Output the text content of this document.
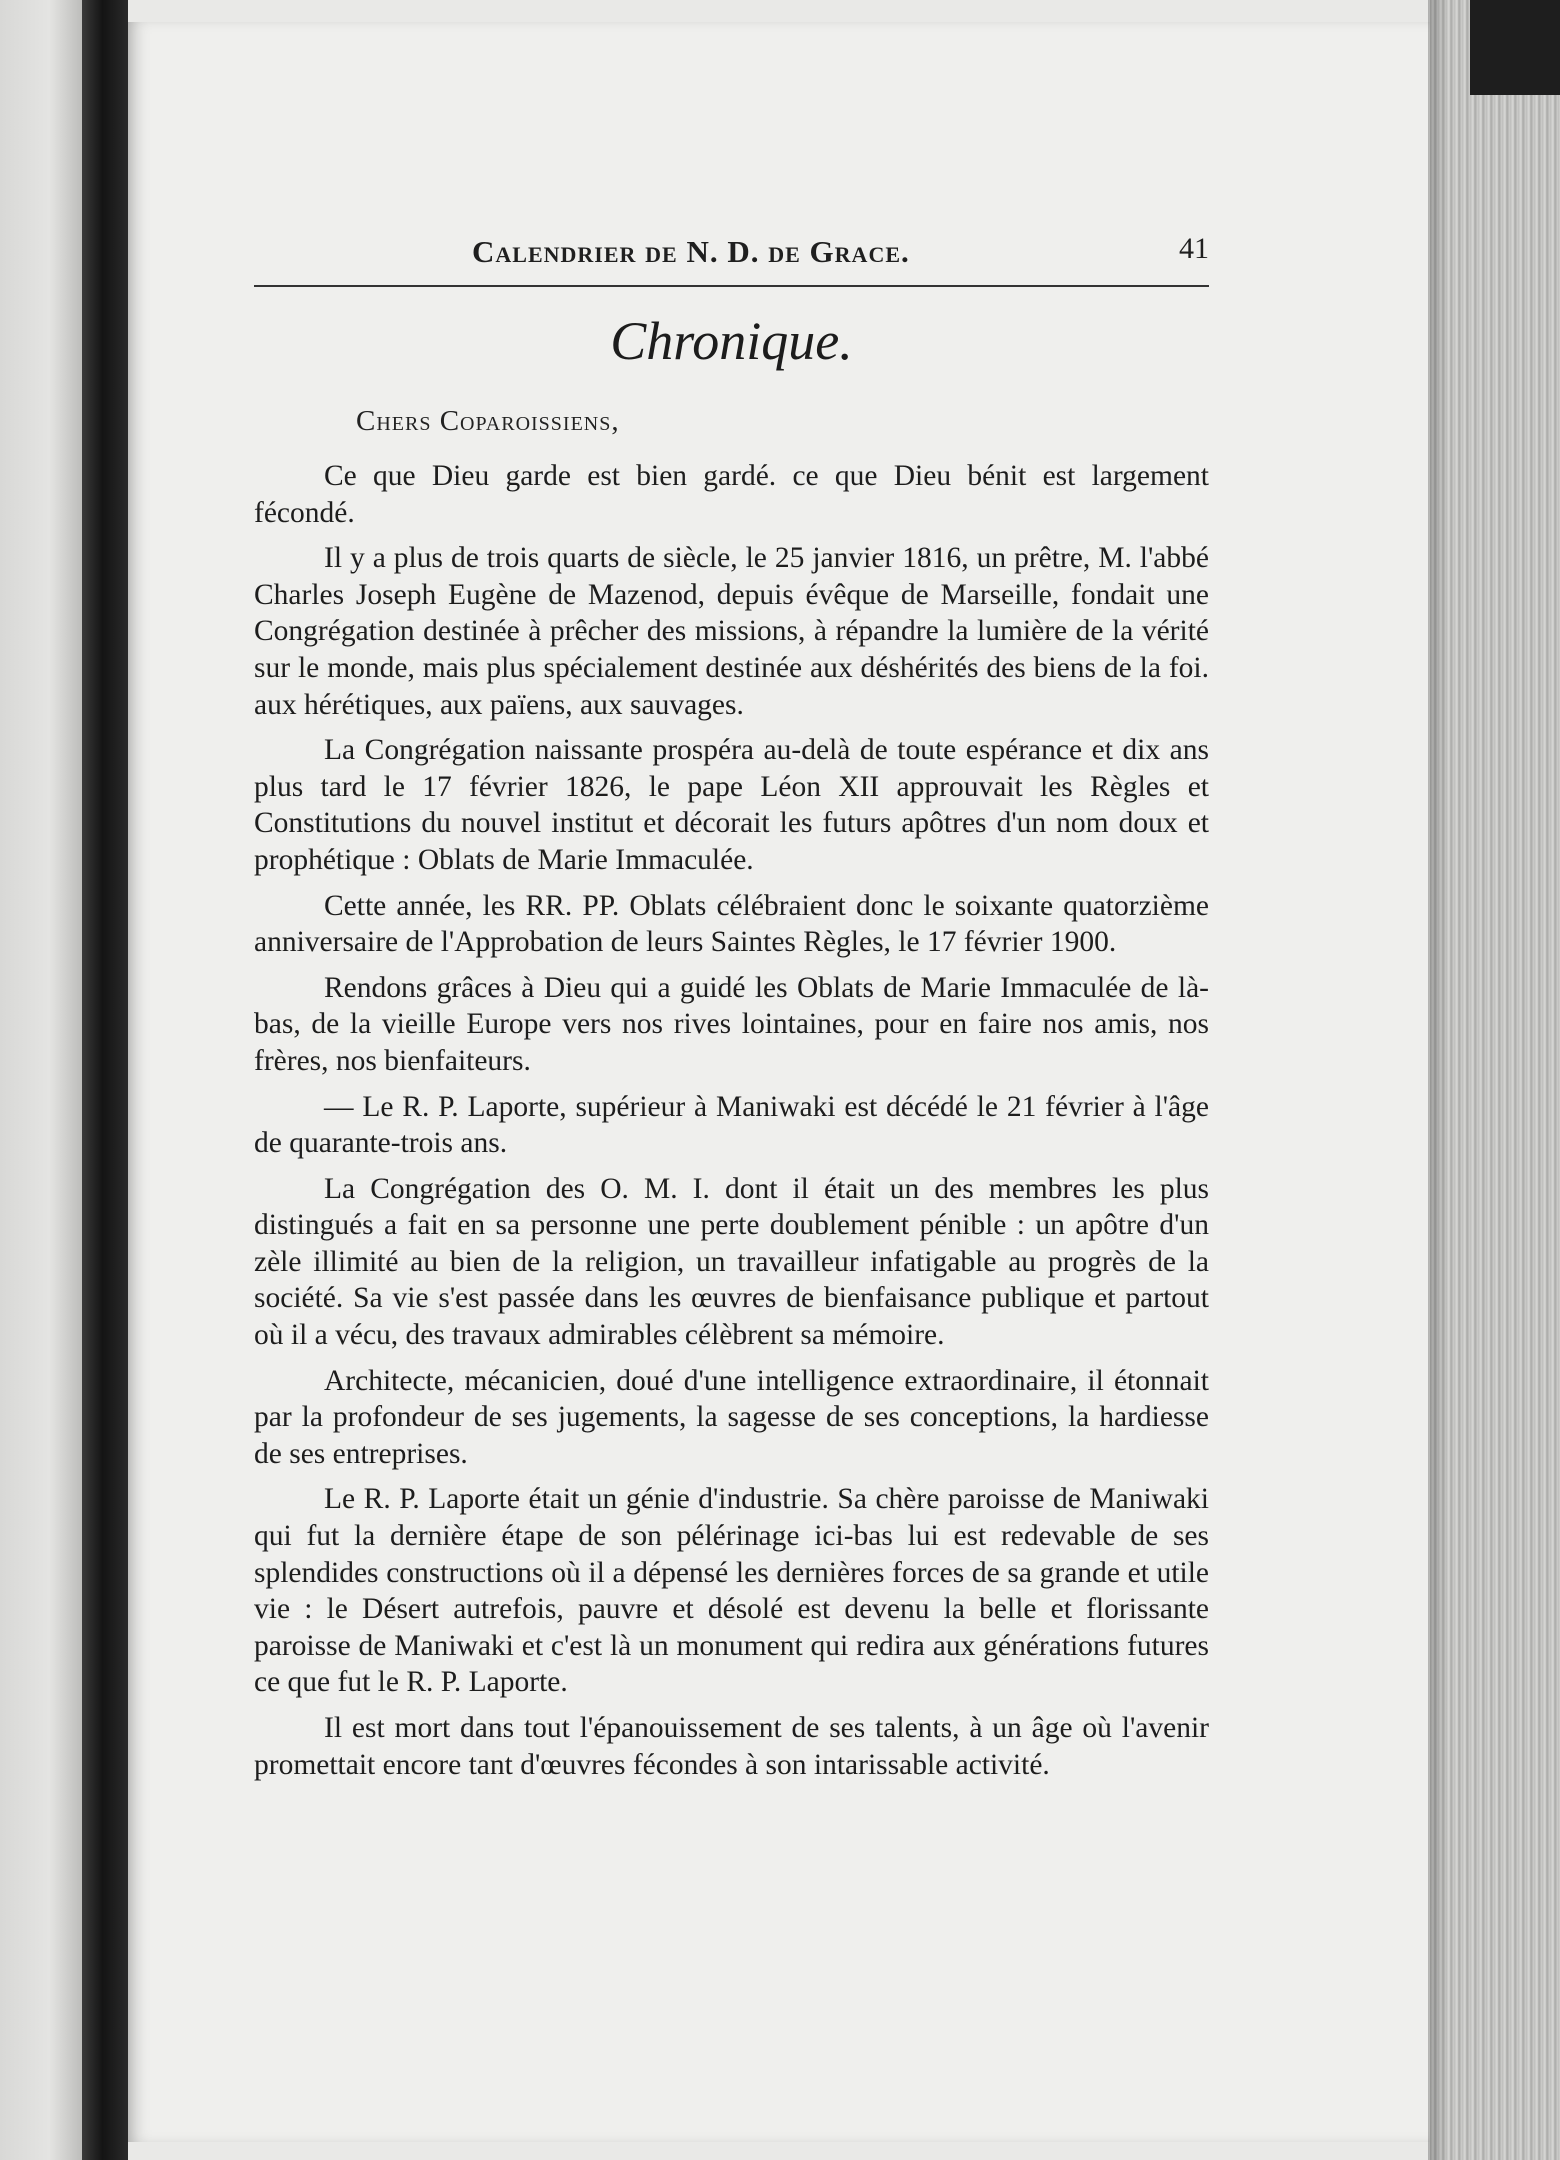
Calendrier de N. D. de Grace.	41
Chronique.
Chers Coparoissiens,

Ce que Dieu garde est bien gardé. ce que Dieu bénit est largement fécondé.

Il y a plus de trois quarts de siècle, le 25 janvier 1816, un prêtre, M. l'abbé Charles Joseph Eugène de Mazenod, depuis évêque de Marseille, fondait une Congrégation destinée à prêcher des missions, à répandre la lumière de la vérité sur le monde, mais plus spécialement destinée aux déshérités des biens de la foi. aux hérétiques, aux païens, aux sauvages.

La Congrégation naissante prospéra au-delà de toute espérance et dix ans plus tard le 17 février 1826, le pape Léon XII approuvait les Règles et Constitutions du nouvel institut et décorait les futurs apôtres d'un nom doux et prophétique : Oblats de Marie Immaculée.

Cette année, les RR. PP. Oblats célébraient donc le soixante quatorzième anniversaire de l'Approbation de leurs Saintes Règles, le 17 février 1900.

Rendons grâces à Dieu qui a guidé les Oblats de Marie Immaculée de là-bas, de la vieille Europe vers nos rives lointaines, pour en faire nos amis, nos frères, nos bienfaiteurs.

— Le R. P. Laporte, supérieur à Maniwaki est décédé le 21 février à l'âge de quarante-trois ans.

La Congrégation des O. M. I. dont il était un des membres les plus distingués a fait en sa personne une perte doublement pénible : un apôtre d'un zèle illimité au bien de la religion, un travailleur infatigable au progrès de la société. Sa vie s'est passée dans les œuvres de bienfaisance publique et partout où il a vécu, des travaux admirables célèbrent sa mémoire.

Architecte, mécanicien, doué d'une intelligence extraordinaire, il étonnait par la profondeur de ses jugements, la sagesse de ses conceptions, la hardiesse de ses entreprises.

Le R. P. Laporte était un génie d'industrie. Sa chère paroisse de Maniwaki qui fut la dernière étape de son pélérinage ici-bas lui est redevable de ses splendides constructions où il a dépensé les dernières forces de sa grande et utile vie : le Désert autrefois, pauvre et désolé est devenu la belle et florissante paroisse de Maniwaki et c'est là un monument qui redira aux générations futures ce que fut le R. P. Laporte.

Il est mort dans tout l'épanouissement de ses talents, à un âge où l'avenir promettait encore tant d'œuvres fécondes à son intarissable activité.
